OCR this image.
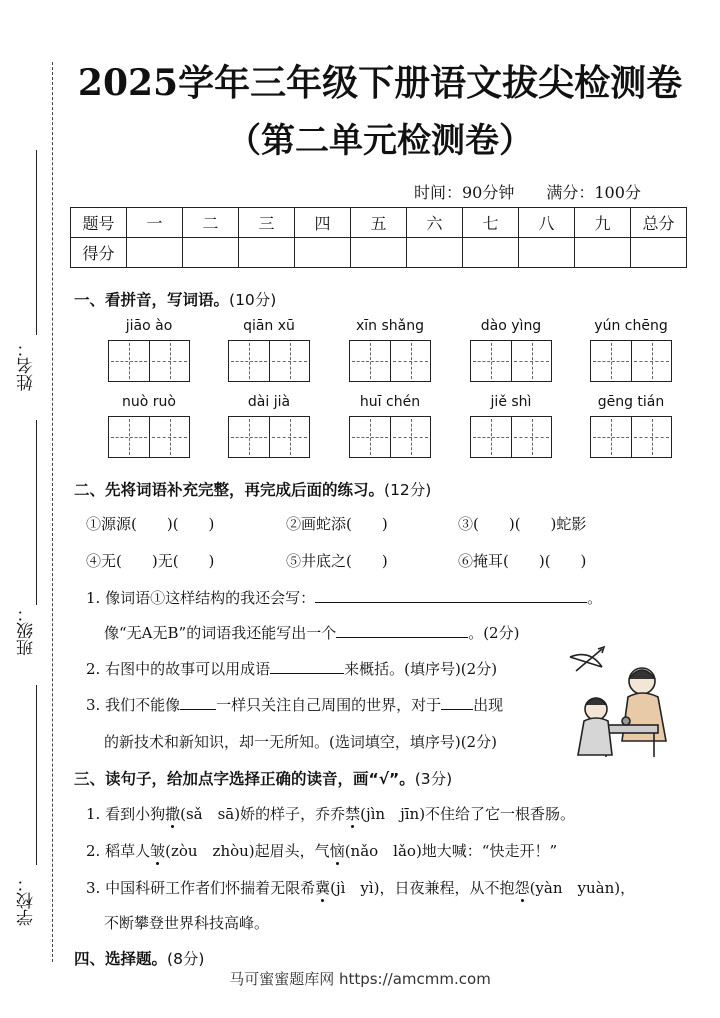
姓名：
班级：
学校：
2025学年三年级下册语文拔尖检测卷
（第二单元检测卷）
时间：90分钟　　满分：100分
题号	一	二	三	四	五	六	七	八	九	总分
得分										
一、看拼音，写词语。(10分)
jiāo ào	qiān xū	xīn shǎng	dào yìng	yún chēng
nuò ruò	dài jià	huī chén	jiě shì	gēng tián
二、先将词语补充完整，再完成后面的练习。(12分)
①源源(　　)(　　)	②画蛇添(　　)	③(　　)(　　)蛇影
④无(　　)无(　　)	⑤井底之(　　)	⑥掩耳(　　)(　　)
1. 像词语①这样结构的我还会写：	。
像“无A无B”的词语我还能写出一个	。(2分)
2. 右图中的故事可以用成语	来概括。(填序号)(2分)
3. 我们不能像 一样只关注自己周围的世界，对于 出现
的新技术和新知识，却一无所知。(选词填空，填序号)(2分)
三、读句子，给加点字选择正确的读音，画“√”。(3分)
1. 看到小狗撒(sǎ　sā)娇的样子，乔乔禁(jìn　jīn)不住给了它一根香肠。
2. 稻草人皱(zòu　zhòu)起眉头，气恼(nǎo　lǎo)地大喊：“快走开！”
3. 中国科研工作者们怀揣着无限希冀(jì　yì)，日夜兼程，从不抱怨(yàn　yuàn)，
不断攀登世界科技高峰。
四、选择题。(8分)
马可蜜蜜题库网 https://amcmm.com
